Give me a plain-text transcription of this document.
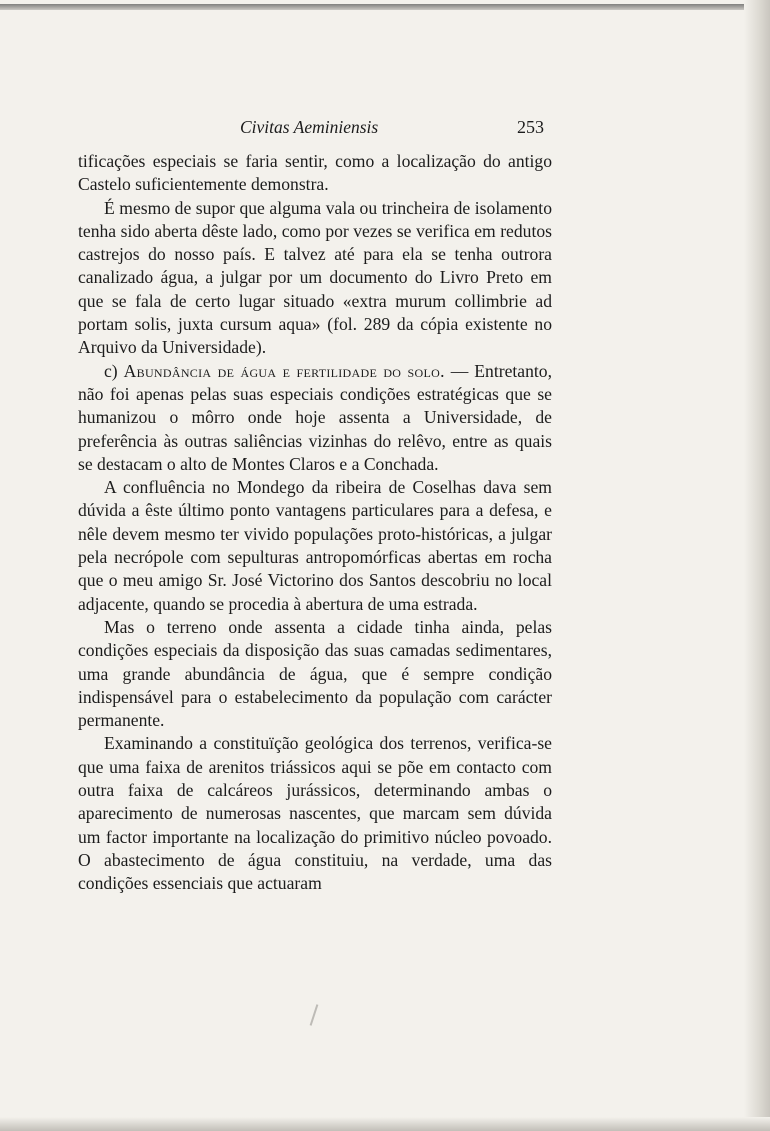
Civitas Aeminiensis	253

tificações especiais se faria sentir, como a localização do antigo Castelo suficientemente demonstra.

É mesmo de supor que alguma vala ou trincheira de isolamento tenha sido aberta dêste lado, como por vezes se verifica em redutos castrejos do nosso país. E talvez até para ela se tenha outrora canalizado água, a julgar por um documento do Livro Preto em que se fala de certo lugar situado «extra murum collimbrie ad portam solis, juxta cursum aqua» (fol. 289 da cópia existente no Arquivo da Universidade).

c) Abundância de água e fertilidade do solo. — Entretanto, não foi apenas pelas suas especiais condições estratégicas que se humanizou o môrro onde hoje assenta a Universidade, de preferência às outras saliências vizinhas do relêvo, entre as quais se destacam o alto de Montes Claros e a Conchada.

A confluência no Mondego da ribeira de Coselhas dava sem dúvida a êste último ponto vantagens particulares para a defesa, e nêle devem mesmo ter vivido populações proto-históricas, a julgar pela necrópole com sepulturas antropomórficas abertas em rocha que o meu amigo Sr. José Victorino dos Santos descobriu no local adjacente, quando se procedia à abertura de uma estrada.

Mas o terreno onde assenta a cidade tinha ainda, pelas condições especiais da disposição das suas camadas sedimentares, uma grande abundância de água, que é sempre condição indispensável para o estabelecimento da população com carácter permanente.

Examinando a constituïção geológica dos terrenos, verifica-se que uma faixa de arenitos triássicos aqui se põe em contacto com outra faixa de calcáreos jurássicos, determinando ambas o aparecimento de numerosas nascentes, que marcam sem dúvida um factor importante na localização do primitivo núcleo povoado. O abastecimento de água constituiu, na verdade, uma das condições essenciais que actuaram
